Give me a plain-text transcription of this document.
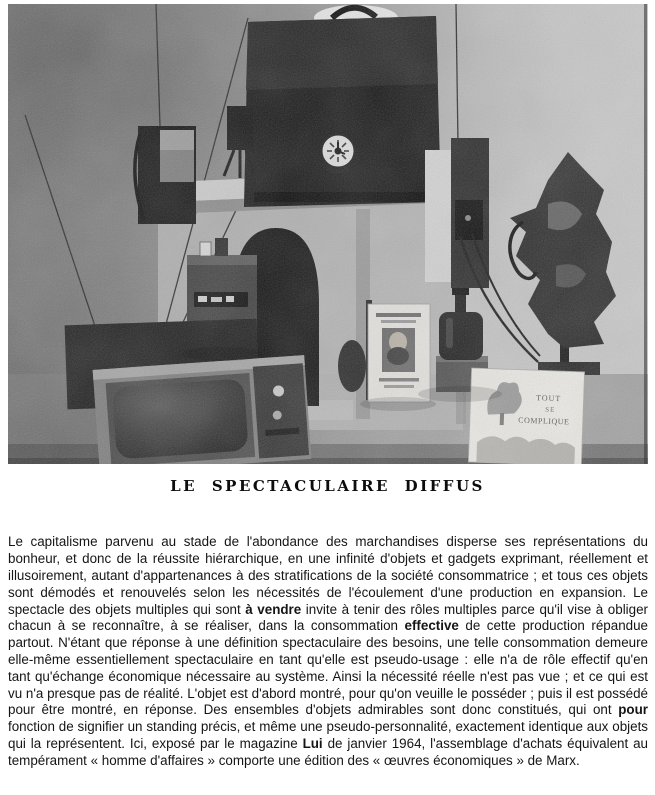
TOUT
SE
COMPLIQUE
LE SPECTACULAIRE DIFFUS

Le capitalisme parvenu au stade de l'abondance des marchandises disperse ses représentations du bonheur, et donc de la réussite hiérarchique, en une infinité d'objets et gadgets exprimant, réellement et illusoirement, autant d'appartenances à des stratifications de la société consommatrice ; et tous ces objets sont démodés et renouvelés selon les nécessités de l'écoulement d'une production en expansion. Le spectacle des objets multiples qui sont à vendre invite à tenir des rôles multiples parce qu'il vise à obliger chacun à se reconnaître, à se réaliser, dans la consommation effective de cette production répandue partout. N'étant que réponse à une définition spectaculaire des besoins, une telle consommation demeure elle-même essentiellement spectaculaire en tant qu'elle est pseudo-usage : elle n'a de rôle effectif qu'en tant qu'échange économique nécessaire au système. Ainsi la nécessité réelle n'est pas vue ; et ce qui est vu n'a presque pas de réalité. L'objet est d'abord montré, pour qu'on veuille le posséder ; puis il est possédé pour être montré, en réponse. Des ensembles d'objets admirables sont donc constitués, qui ont pour fonction de signifier un standing précis, et même une pseudo-personnalité, exactement identique aux objets qui la représentent. Ici, exposé par le magazine Lui de janvier 1964, l'assemblage d'achats équivalent au tempérament « homme d'affaires » comporte une édition des « œuvres économiques » de Marx.
